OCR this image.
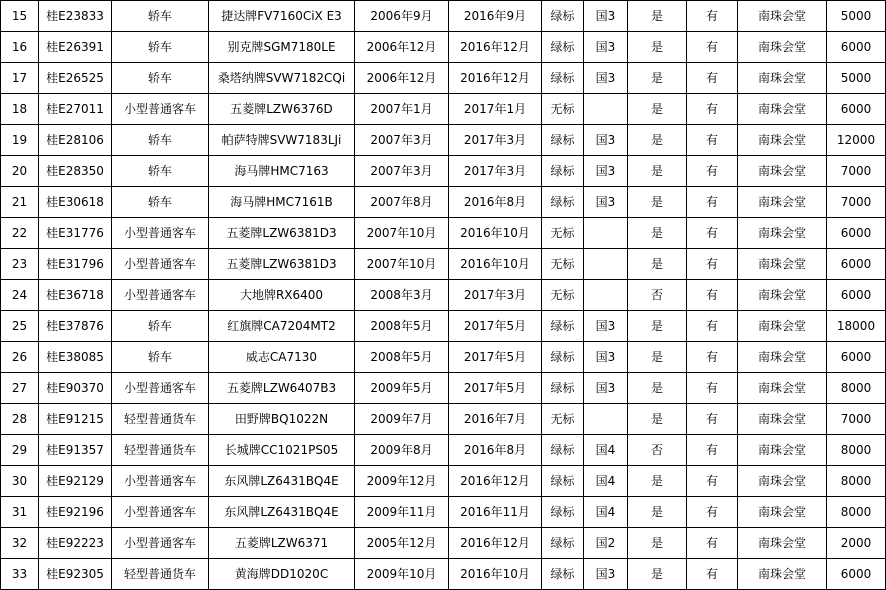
15	桂E23833	轿车	捷达牌FV7160CiX E3	2006年9月	2016年9月	绿标	国3	是	有	南珠会堂	5000
16	桂E26391	轿车	别克牌SGM7180LE	2006年12月	2016年12月	绿标	国3	是	有	南珠会堂	6000
17	桂E26525	轿车	桑塔纳牌SVW7182CQi	2006年12月	2016年12月	绿标	国3	是	有	南珠会堂	5000
18	桂E27011	小型普通客车	五菱牌LZW6376D	2007年1月	2017年1月	无标		是	有	南珠会堂	6000
19	桂E28106	轿车	帕萨特牌SVW7183LJi	2007年3月	2017年3月	绿标	国3	是	有	南珠会堂	12000
20	桂E28350	轿车	海马牌HMC7163	2007年3月	2017年3月	绿标	国3	是	有	南珠会堂	7000
21	桂E30618	轿车	海马牌HMC7161B	2007年8月	2016年8月	绿标	国3	是	有	南珠会堂	7000
22	桂E31776	小型普通客车	五菱牌LZW6381D3	2007年10月	2016年10月	无标		是	有	南珠会堂	6000
23	桂E31796	小型普通客车	五菱牌LZW6381D3	2007年10月	2016年10月	无标		是	有	南珠会堂	6000
24	桂E36718	小型普通客车	大地牌RX6400	2008年3月	2017年3月	无标		否	有	南珠会堂	6000
25	桂E37876	轿车	红旗牌CA7204MT2	2008年5月	2017年5月	绿标	国3	是	有	南珠会堂	18000
26	桂E38085	轿车	威志CA7130	2008年5月	2017年5月	绿标	国3	是	有	南珠会堂	6000
27	桂E90370	小型普通客车	五菱牌LZW6407B3	2009年5月	2017年5月	绿标	国3	是	有	南珠会堂	8000
28	桂E91215	轻型普通货车	田野牌BQ1022N	2009年7月	2016年7月	无标		是	有	南珠会堂	7000
29	桂E91357	轻型普通货车	长城牌CC1021PS05	2009年8月	2016年8月	绿标	国4	否	有	南珠会堂	8000
30	桂E92129	小型普通客车	东风牌LZ6431BQ4E	2009年12月	2016年12月	绿标	国4	是	有	南珠会堂	8000
31	桂E92196	小型普通客车	东风牌LZ6431BQ4E	2009年11月	2016年11月	绿标	国4	是	有	南珠会堂	8000
32	桂E92223	小型普通客车	五菱牌LZW6371	2005年12月	2016年12月	绿标	国2	是	有	南珠会堂	2000
33	桂E92305	轻型普通货车	黄海牌DD1020C	2009年10月	2016年10月	绿标	国3	是	有	南珠会堂	6000
